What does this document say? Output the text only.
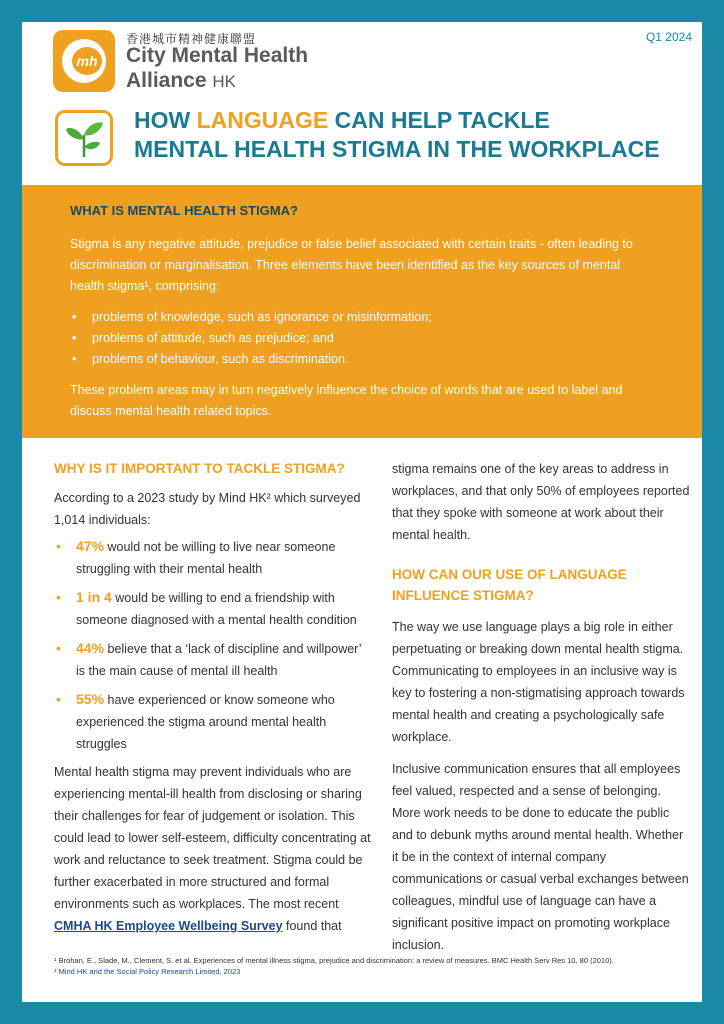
mh
香港城市精神健康聯盟
City Mental Health
Alliance HK
Q1 2024
HOW LANGUAGE CAN HELP TACKLE
MENTAL HEALTH STIGMA IN THE WORKPLACE
WHAT IS MENTAL HEALTH STIGMA?

Stigma is any negative attitude, prejudice or false belief associated with certain traits - often leading to discrimination or marginalisation. Three elements have been identified as the key sources of mental health stigma¹, comprising:

• problems of knowledge, such as ignorance or misinformation;
• problems of attitude, such as prejudice; and
• problems of behaviour, such as discrimination.

These problem areas may in turn negatively influence the choice of words that are used to label and discuss mental health related topics.

WHY IS IT IMPORTANT TO TACKLE STIGMA?

According to a 2023 study by Mind HK² which surveyed 1,014 individuals:

• 47% would not be willing to live near someone struggling with their mental health
• 1 in 4 would be willing to end a friendship with someone diagnosed with a mental health condition
• 44% believe that a ‘lack of discipline and willpower’ is the main cause of mental ill health
• 55% have experienced or know someone who experienced the stigma around mental health struggles

Mental health stigma may prevent individuals who are experiencing mental-ill health from disclosing or sharing their challenges for fear of judgement or isolation. This could lead to lower self-esteem, difficulty concentrating at work and reluctance to seek treatment. Stigma could be further exacerbated in more structured and formal environments such as workplaces. The most recent CMHA HK Employee Wellbeing Survey found that

stigma remains one of the key areas to address in workplaces, and that only 50% of employees reported that they spoke with someone at work about their mental health.

HOW CAN OUR USE OF LANGUAGE INFLUENCE STIGMA?

The way we use language plays a big role in either perpetuating or breaking down mental health stigma. Communicating to employees in an inclusive way is key to fostering a non-stigmatising approach towards mental health and creating a psychologically safe workplace.

Inclusive communication ensures that all employees feel valued, respected and a sense of belonging. More work needs to be done to educate the public and to debunk myths around mental health. Whether it be in the context of internal company communications or casual verbal exchanges between colleagues, mindful use of language can have a significant positive impact on promoting workplace inclusion.

¹ Brohan, E., Slade, M., Clement, S. et al. Experiences of mental illness stigma, prejudice and discrimination: a review of measures. BMC Health Serv Res 10, 80 (2010).
² Mind HK and the Social Policy Research Limited, 2023
